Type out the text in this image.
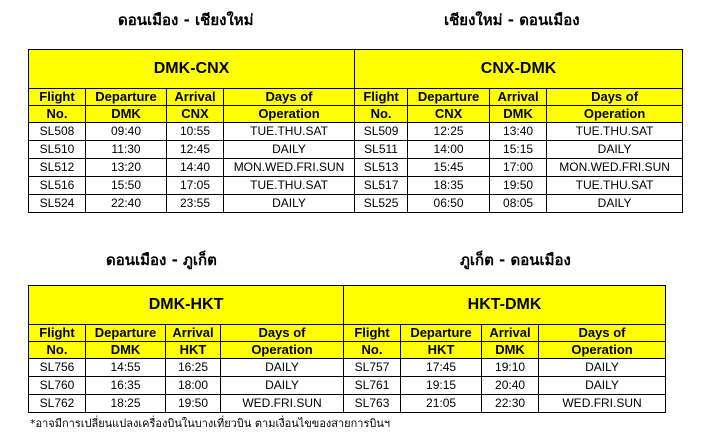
ดอนเมือง - เชียงใหม่	เชียงใหม่ - ดอนเมือง
ดอนเมือง - ภูเก็ต	ภูเก็ต - ดอนเมือง
DMK-CNX				CNX-DMK			
Flight	Departure	Arrival	Days of	Flight	Departure	Arrival	Days of
No.	DMK	CNX	Operation	No.	CNX	DMK	Operation
SL508	09:40	10:55	TUE.THU.SAT	SL509	12:25	13:40	TUE.THU.SAT
SL510	11:30	12:45	DAILY	SL511	14:00	15:15	DAILY
SL512	13:20	14:40	MON.WED.FRI.SUN	SL513	15:45	17:00	MON.WED.FRI.SUN
SL516	15:50	17:05	TUE.THU.SAT	SL517	18:35	19:50	TUE.THU.SAT
SL524	22:40	23:55	DAILY	SL525	06:50	08:05	DAILY
DMK-HKT				HKT-DMK			
Flight	Departure	Arrival	Days of	Flight	Departure	Arrival	Days of
No.	DMK	HKT	Operation	No.	HKT	DMK	Operation
SL756	14:55	16:25	DAILY	SL757	17:45	19:10	DAILY
SL760	16:35	18:00	DAILY	SL761	19:15	20:40	DAILY
SL762	18:25	19:50	WED.FRI.SUN	SL763	21:05	22:30	WED.FRI.SUN
*อาจมีการเปลี่ยนแปลงเครื่องบินในบางเที่ยวบิน ตามเงื่อนไขของสายการบินฯ
